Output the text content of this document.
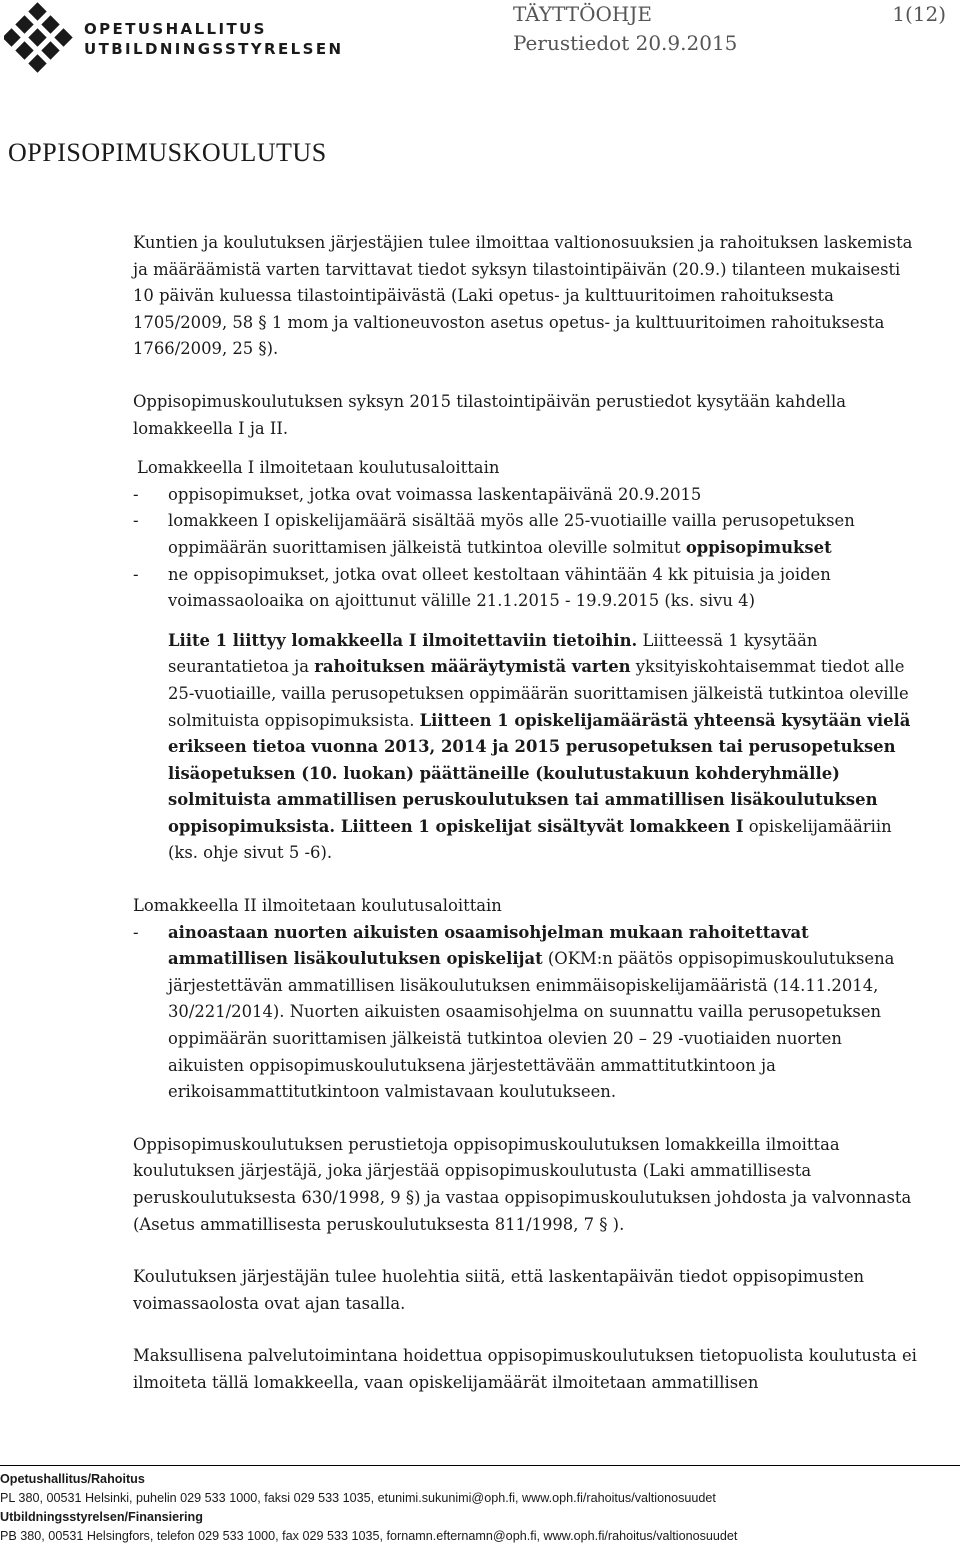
OPETUSHALLITUS
UTBILDNINGSSTYRELSEN
TÄYTTÖOHJE	1(12)
Perustiedot 20.9.2015
OPPISOPIMUSKOULUTUS

Kuntien ja koulutuksen järjestäjien tulee ilmoittaa valtionosuuksien ja rahoituksen laskemista ja määräämistä varten tarvittavat tiedot syksyn tilastointipäivän (20.9.) tilanteen mukaisesti 10 päivän kuluessa tilastointipäivästä (Laki opetus- ja kulttuuritoimen rahoituksesta 1705/2009, 58 § 1 mom ja valtioneuvoston asetus opetus- ja kulttuuritoimen rahoituksesta 1766/2009, 25 §).

Oppisopimuskoulutuksen syksyn 2015 tilastointipäivän perustiedot kysytään kahdella lomakkeella I ja II.

Lomakkeella I ilmoitetaan koulutusaloittain

-	oppisopimukset, jotka ovat voimassa laskentapäivänä 20.9.2015
-	lomakkeen I opiskelijamäärä sisältää myös alle 25-vuotiaille vailla perusopetuksen oppimäärän suorittamisen jälkeistä tutkintoa oleville solmitut oppisopimukset
-	ne oppisopimukset, jotka ovat olleet kestoltaan vähintään 4 kk pituisia ja joiden voimassaoloaika on ajoittunut välille 21.1.2015 - 19.9.2015 (ks. sivu 4)

Liite 1 liittyy lomakkeella I ilmoitettaviin tietoihin. Liitteessä 1 kysytään seurantatietoa ja rahoituksen määräytymistä varten yksityiskohtaisemmat tiedot alle 25-vuotiaille, vailla perusopetuksen oppimäärän suorittamisen jälkeistä tutkintoa oleville solmituista oppisopimuksista. Liitteen 1 opiskelijamäärästä yhteensä kysytään vielä erikseen tietoa vuonna 2013, 2014 ja 2015 perusopetuksen tai perusopetuksen lisäopetuksen (10. luokan) päättäneille (koulutustakuun kohderyhmälle) solmituista ammatillisen peruskoulutuksen tai ammatillisen lisäkoulutuksen oppisopimuksista. Liitteen 1 opiskelijat sisältyvät lomakkeen I opiskelijamääriin (ks. ohje sivut 5 -6).

Lomakkeella II ilmoitetaan koulutusaloittain

-	ainoastaan nuorten aikuisten osaamisohjelman mukaan rahoitettavat ammatillisen lisäkoulutuksen opiskelijat (OKM:n päätös oppisopimuskoulutuksena järjestettävän ammatillisen lisäkoulutuksen enimmäisopiskelijamääristä (14.11.2014, 30/221/2014). Nuorten aikuisten osaamisohjelma on suunnattu vailla perusopetuksen oppimäärän suorittamisen jälkeistä tutkintoa olevien 20 – 29 -vuotiaiden nuorten aikuisten oppisopimuskoulutuksena järjestettävään ammattitutkintoon ja erikoisammattitutkintoon valmistavaan koulutukseen.

Oppisopimuskoulutuksen perustietoja oppisopimuskoulutuksen lomakkeilla ilmoittaa koulutuksen järjestäjä, joka järjestää oppisopimuskoulutusta (Laki ammatillisesta peruskoulutuksesta 630/1998, 9 §) ja vastaa oppisopimuskoulutuksen johdosta ja valvonnasta (Asetus ammatillisesta peruskoulutuksesta 811/1998, 7 § ).

Koulutuksen järjestäjän tulee huolehtia siitä, että laskentapäivän tiedot oppisopimusten voimassaolosta ovat ajan tasalla.

Maksullisena palvelutoimintana hoidettua oppisopimuskoulutuksen tietopuolista koulutusta ei ilmoiteta tällä lomakkeella, vaan opiskelijamäärät ilmoitetaan ammatillisen

Opetushallitus/Rahoitus
PL 380, 00531 Helsinki, puhelin 029 533 1000, faksi 029 533 1035, etunimi.sukunimi@oph.fi, www.oph.fi/rahoitus/valtionosuudet
Utbildningsstyrelsen/Finansiering
PB 380, 00531 Helsingfors, telefon 029 533 1000, fax 029 533 1035, fornamn.efternamn@oph.fi, www.oph.fi/rahoitus/valtionosuudet
